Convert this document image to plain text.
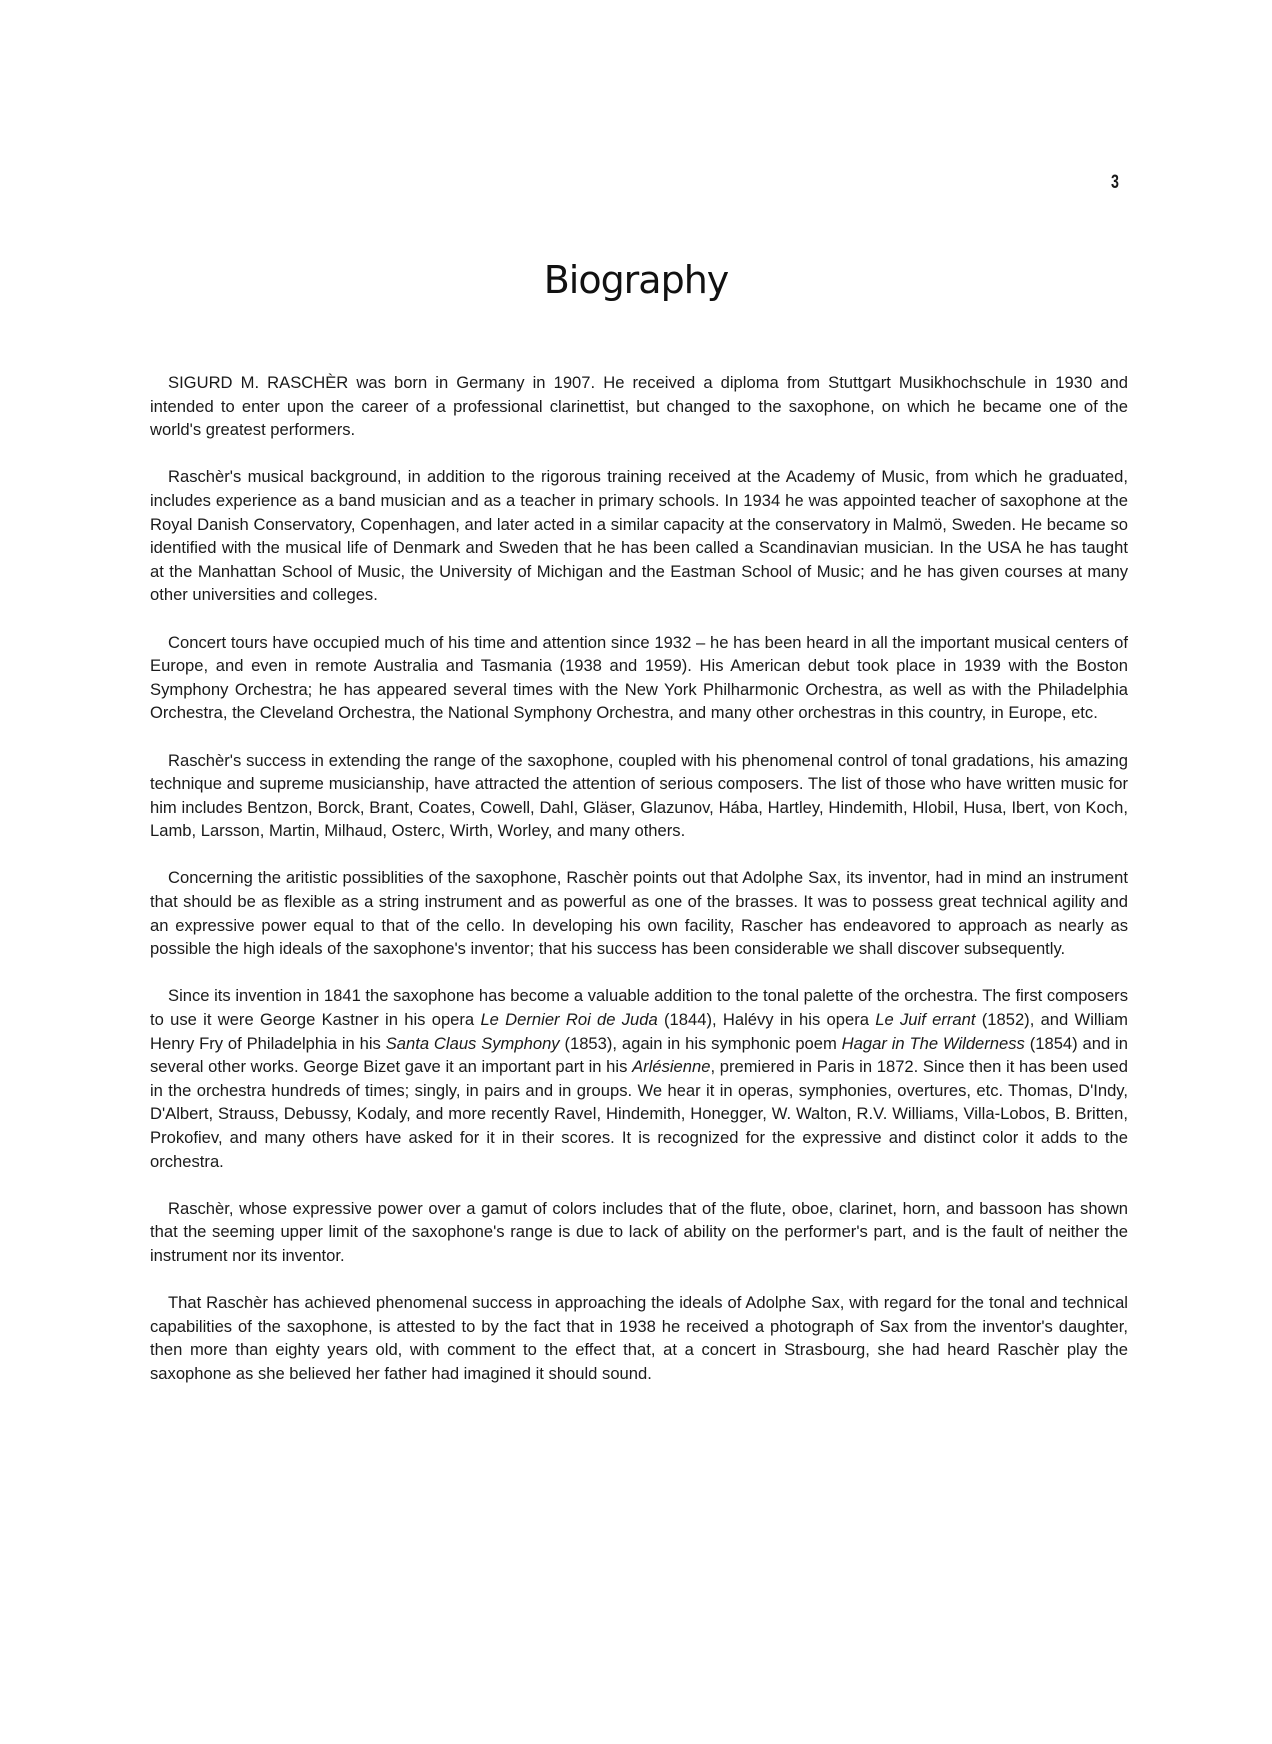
3
Biography

SIGURD M. RASCHÈR was born in Germany in 1907. He received a diploma from Stuttgart Musikhochschule in 1930 and intended to enter upon the career of a professional clarinettist, but changed to the saxophone, on which he became one of the world's greatest performers.

Raschèr's musical background, in addition to the rigorous training received at the Academy of Music, from which he graduated, includes experience as a band musician and as a teacher in primary schools. In 1934 he was appointed teacher of saxophone at the Royal Danish Conservatory, Copenhagen, and later acted in a similar capacity at the conservatory in Malmö, Sweden. He became so identified with the musical life of Denmark and Sweden that he has been called a Scandinavian musician. In the USA he has taught at the Manhattan School of Music, the University of Michigan and the Eastman School of Music; and he has given courses at many other universities and colleges.

Concert tours have occupied much of his time and attention since 1932 – he has been heard in all the important musical centers of Europe, and even in remote Australia and Tasmania (1938 and 1959). His American debut took place in 1939 with the Boston Symphony Orchestra; he has appeared several times with the New York Philharmonic Orchestra, as well as with the Philadelphia Orchestra, the Cleveland Orchestra, the National Symphony Orchestra, and many other orchestras in this country, in Europe, etc.

Raschèr's success in extending the range of the saxophone, coupled with his phenomenal control of tonal gradations, his amazing technique and supreme musicianship, have attracted the attention of serious composers. The list of those who have written music for him includes Bentzon, Borck, Brant, Coates, Cowell, Dahl, Gläser, Glazunov, Hába, Hartley, Hindemith, Hlobil, Husa, Ibert, von Koch, Lamb, Larsson, Martin, Milhaud, Osterc, Wirth, Worley, and many others.

Concerning the aritistic possiblities of the saxophone, Raschèr points out that Adolphe Sax, its inventor, had in mind an instrument that should be as flexible as a string instrument and as powerful as one of the brasses. It was to possess great technical agility and an expressive power equal to that of the cello. In developing his own facility, Rascher has endeavored to approach as nearly as possible the high ideals of the saxophone's inventor; that his success has been considerable we shall discover subsequently.

Since its invention in 1841 the saxophone has become a valuable addition to the tonal palette of the orchestra. The first composers to use it were George Kastner in his opera Le Dernier Roi de Juda (1844), Halévy in his opera Le Juif errant (1852), and William Henry Fry of Philadelphia in his Santa Claus Symphony (1853), again in his symphonic poem Hagar in The Wilderness (1854) and in several other works. George Bizet gave it an important part in his Arlésienne, premiered in Paris in 1872. Since then it has been used in the orchestra hundreds of times; singly, in pairs and in groups. We hear it in operas, symphonies, overtures, etc. Thomas, D'Indy, D'Albert, Strauss, Debussy, Kodaly, and more recently Ravel, Hindemith, Honegger, W. Walton, R.V. Williams, Villa-Lobos, B. Britten, Prokofiev, and many others have asked for it in their scores. It is recognized for the expressive and distinct color it adds to the orchestra.

Raschèr, whose expressive power over a gamut of colors includes that of the flute, oboe, clarinet, horn, and bassoon has shown that the seeming upper limit of the saxophone's range is due to lack of ability on the performer's part, and is the fault of neither the instrument nor its inventor.

That Raschèr has achieved phenomenal success in approaching the ideals of Adolphe Sax, with regard for the tonal and technical capabilities of the saxophone, is attested to by the fact that in 1938 he received a photograph of Sax from the inventor's daughter, then more than eighty years old, with comment to the effect that, at a concert in Strasbourg, she had heard Raschèr play the saxophone as she believed her father had imagined it should sound.
